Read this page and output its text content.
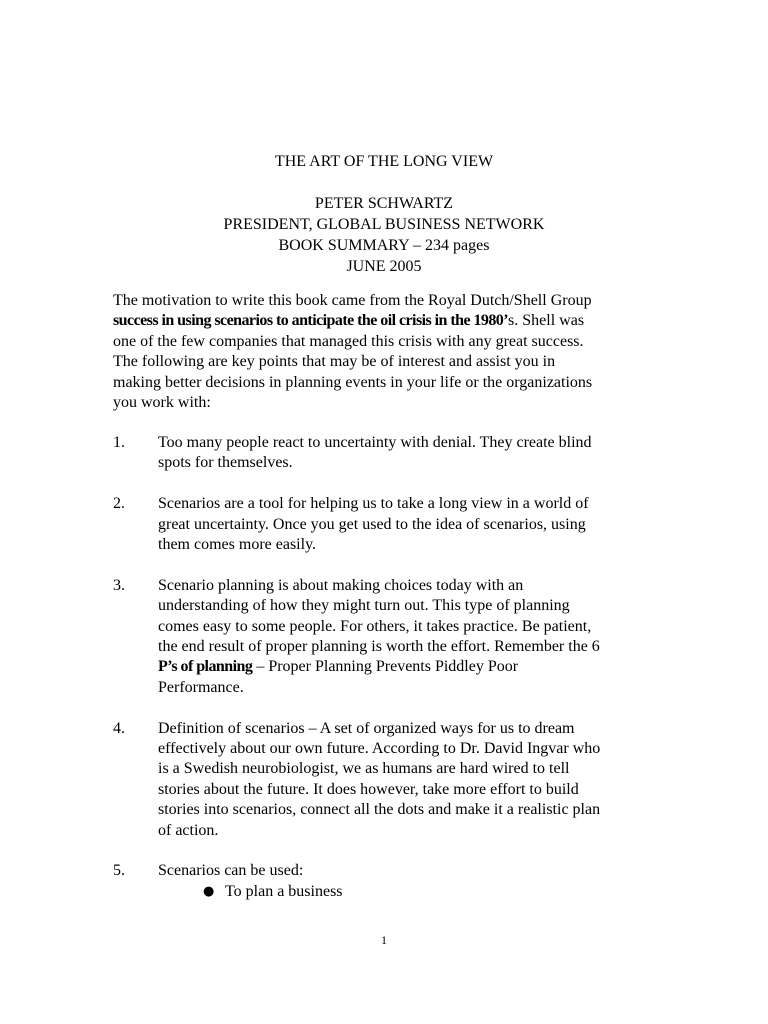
THE ART OF THE LONG VIEW
PETER SCHWARTZ
PRESIDENT, GLOBAL BUSINESS NETWORK
BOOK SUMMARY – 234 pages
JUNE 2005
The motivation to write this book came from the Royal Dutch/Shell Group
success in using scenarios to anticipate the oil crisis in the 1980’s. Shell was
one of the few companies that managed this crisis with any great success.
The following are key points that may be of interest and assist you in
making better decisions in planning events in your life or the organizations
you work with:
1.	Too many people react to uncertainty with denial. They create blind
spots for themselves.
2.	Scenarios are a tool for helping us to take a long view in a world of
great uncertainty. Once you get used to the idea of scenarios, using
them comes more easily.
3.	Scenario planning is about making choices today with an
understanding of how they might turn out. This type of planning
comes easy to some people. For others, it takes practice. Be patient,
the end result of proper planning is worth the effort. Remember the 6
P’s of planning – Proper Planning Prevents Piddley Poor
Performance.
4.	Definition of scenarios – A set of organized ways for us to dream
effectively about our own future. According to Dr. David Ingvar who
is a Swedish neurobiologist, we as humans are hard wired to tell
stories about the future. It does however, take more effort to build
stories into scenarios, connect all the dots and make it a realistic plan
of action.
5.	Scenarios can be used:
● To plan a business
1
